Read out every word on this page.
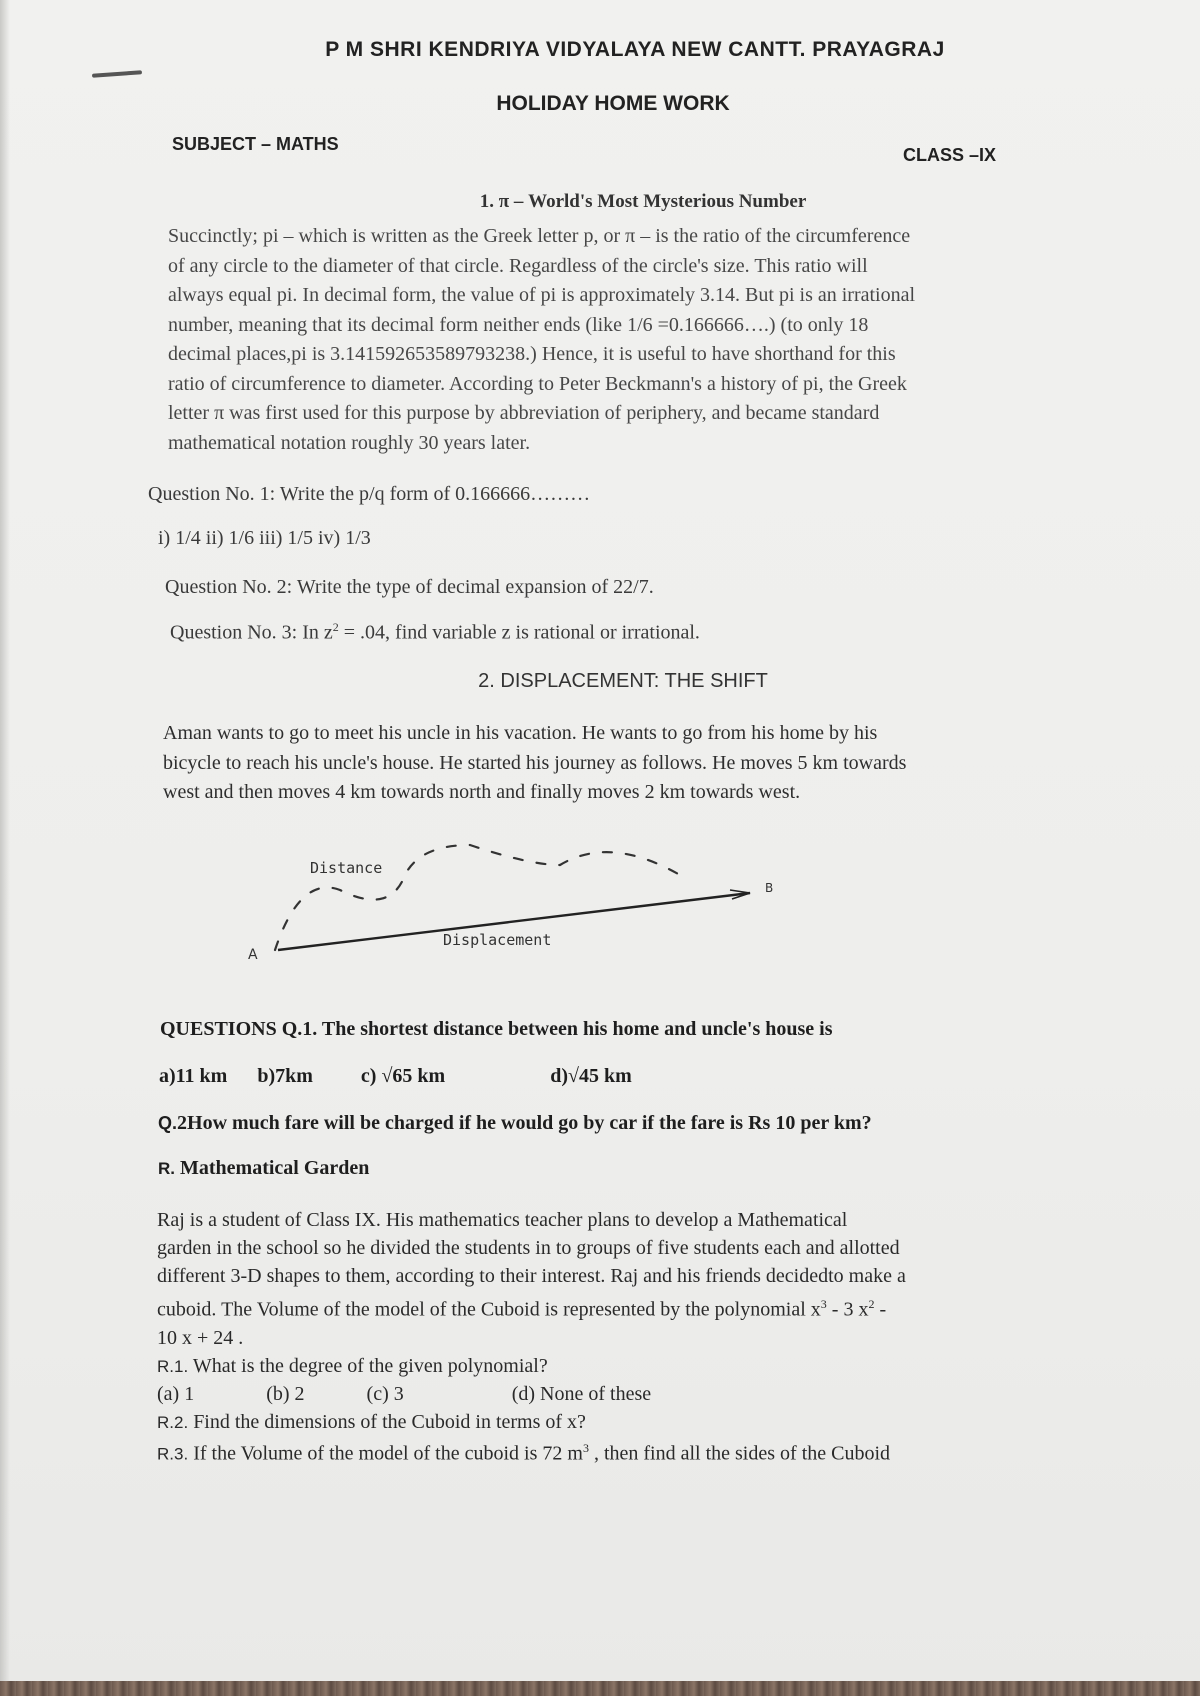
P M SHRI KENDRIYA VIDYALAYA NEW CANTT. PRAYAGRAJ

HOLIDAY HOME WORK

SUBJECT – MATHS

CLASS –IX

1. π – World's Most Mysterious Number

Succinctly; pi – which is written as the Greek letter p, or π – is the ratio of the circumference
of any circle to the diameter of that circle. Regardless of the circle's size. This ratio will
always equal pi. In decimal form, the value of pi is approximately 3.14. But pi is an irrational
number, meaning that its decimal form neither ends (like 1/6 =0.166666….) (to only 18
decimal places,pi is 3.141592653589793238.) Hence, it is useful to have shorthand for this
ratio of circumference to diameter. According to Peter Beckmann's a history of pi, the Greek
letter π was first used for this purpose by abbreviation of periphery, and became standard
mathematical notation roughly 30 years later.

Question No. 1: Write the p/q form of 0.166666………

i) 1/4 ii) 1/6 iii) 1/5 iv) 1/3

Question No. 2: Write the type of decimal expansion of 22/7.

Question No. 3: In $z^2 = .04$, find variable z is rational or irrational.

2. DISPLACEMENT: THE SHIFT

Aman wants to go to meet his uncle in his vacation. He wants to go from his home by his
bicycle to reach his uncle's house. He started his journey as follows. He moves 5 km towards
west and then moves 4 km towards north and finally moves 2 km towards west.
Distance
Displacement
A
B

QUESTIONS Q.1. The shortest distance between his home and uncle's house is

a)11 km b)7km c) √65 km	d)√45 km

Q.2How much fare will be charged if he would go by car if the fare is Rs 10 per km?

R. Mathematical Garden

Raj is a student of Class IX. His mathematics teacher plans to develop a Mathematical
garden in the school so he divided the students in to groups of five students each and allotted
different 3-D shapes to them, according to their interest. Raj and his friends decidedto make a
cuboid. The Volume of the model of the Cuboid is represented by the polynomial $x^3 - 3$ $x^2$ -
10 x + 24 .

R.1. What is the degree of the given polynomial?

(a) 1	(b) 2	(c) 3	(d) None of these

R.2. Find the dimensions of the Cuboid in terms of x?

R.3. If the Volume of the model of the cuboid is 72 $m^3$ , then find all the sides of the Cuboid
